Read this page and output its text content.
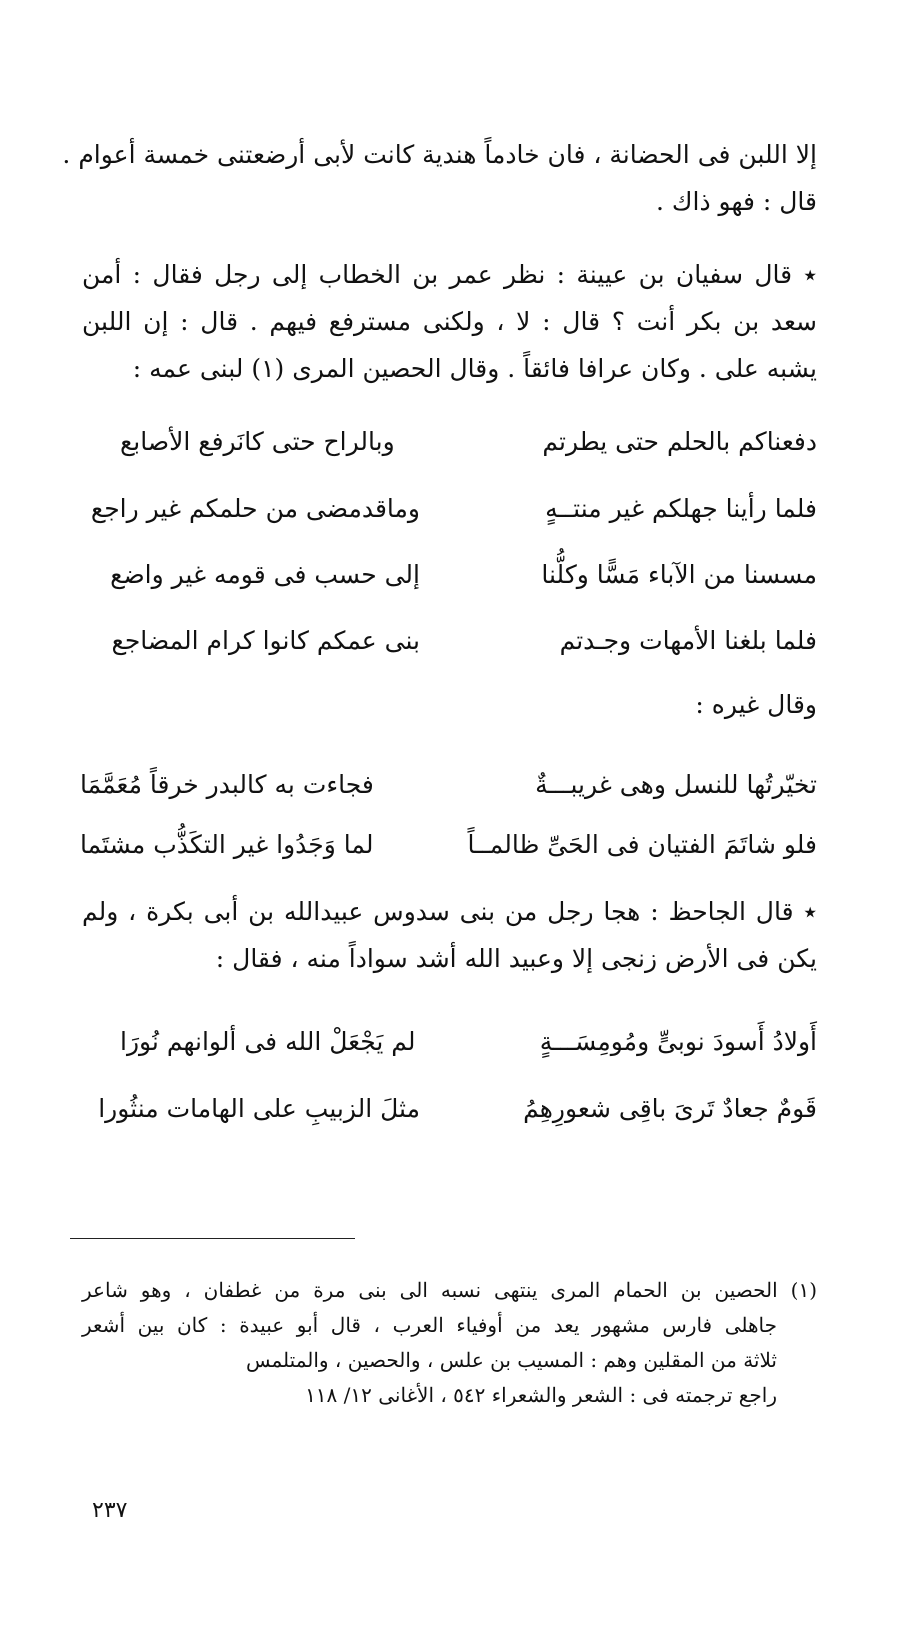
إلا اللبن فى الحضانة ، فان خادماً هندية كانت لأبى أرضعتنى خمسة أعوام .
قال : فهو ذاك .
٭ قال سفيان بن عيينة : نظر عمر بن الخطاب إلى رجل فقال : أمن
سعد بن بكر أنت ؟ قال : لا ، ولكنى مسترفع فيهم . قال : إن اللبن
يشبه على . وكان عرافا فائقاً . وقال الحصين المرى (١) لبنى عمه :
دفعناكم بالحلم حتى يطرتم
وبالراح حتى كانَرفع الأصابع
فلما رأينا جهلكم غير منتــهٍ
وماقدمضى من حلمكم غير راجع
مسسنا من الآباء مَسًّا وكلُّنا
إلى حسب فى قومه غير واضع
فلما بلغنا الأمهات وجـدتم
بنى عمكم كانوا كرام المضاجع
وقال غيره :
تخيّرتُها للنسل وهى غريبـــةٌ
فجاءت به كالبدر خرقاً مُعَمَّمَا
فلو شاتَمَ الفتيان فى الحَىِّ ظالمــاً
لما وَجَدُوا غير التكَذُّب مشتَما
٭ قال الجاحظ : هجا رجل من بنى سدوس عبيدالله بن أبى بكرة ، ولم
يكن فى الأرض زنجى إلا وعبيد الله أشد سواداً منه ، فقال :
أَولادُ أَسودَ نوبىٍّ ومُومِسَـــةٍ
لم يَجْعَلْ الله فى ألوانهم نُورَا
قَومٌ جعادٌ تَرىَ باقِى شعورِهِمُ
مثلَ الزبيبِ على الهامات منثُورا
(١) الحصين بن الحمام المرى ينتهى نسبه الى بنى مرة من غطفان ، وهو شاعر
جاهلى فارس مشهور يعد من أوفياء العرب ، قال أبو عبيدة : كان بين أشعر
ثلاثة من المقلين وهم : المسيب بن علس ، والحصين ، والمتلمس
راجع ترجمته فى : الشعر والشعراء ٥٤٢ ، الأغانى ١٢/ ١١٨
٢٣٧
